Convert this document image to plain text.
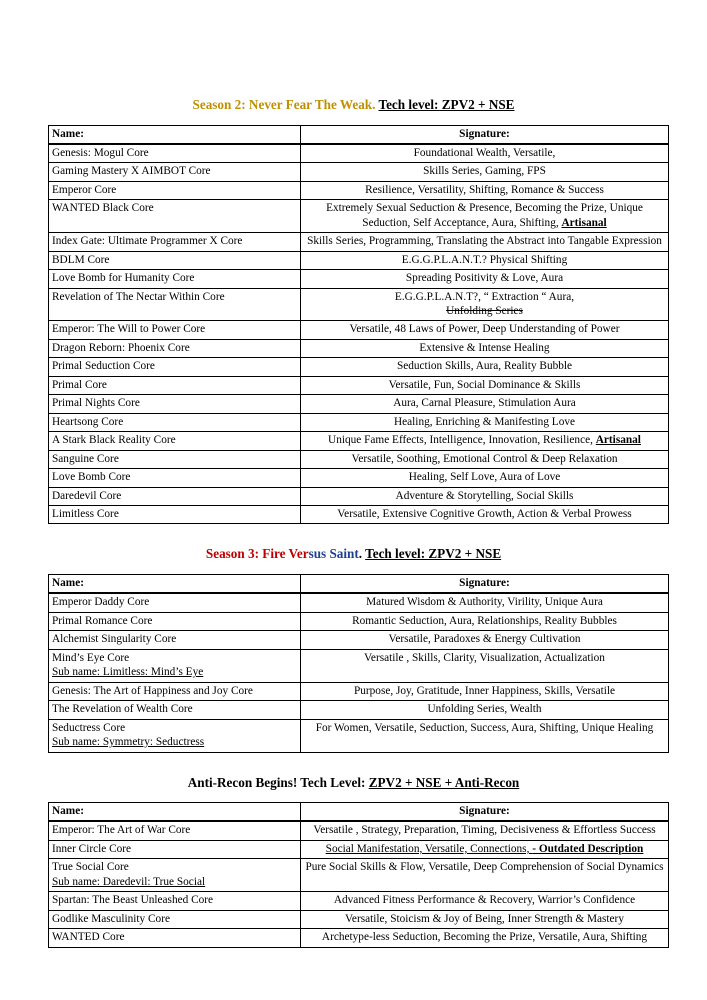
Season 2: Never Fear The Weak. Tech level: ZPV2 + NSE
Name:	Signature:
Genesis: Mogul Core	Foundational Wealth, Versatile,
Gaming Mastery X AIMBOT Core	Skills Series, Gaming, FPS
Emperor Core	Resilience, Versatility, Shifting, Romance & Success
WANTED Black Core	Extremely Sexual Seduction & Presence, Becoming the Prize, Unique Seduction, Self Acceptance, Aura, Shifting, Artisanal
Index Gate: Ultimate Programmer X Core	Skills Series, Programming, Translating the Abstract into Tangable Expression
BDLM Core	E.G.G.P.L.A.N.T.? Physical Shifting
Love Bomb for Humanity Core	Spreading Positivity & Love, Aura
Revelation of The Nectar Within Core	E.G.G.P.L.A.N.T?, “ Extraction “ Aura,
Unfolding Series

Emperor: The Will to Power Core	Versatile, 48 Laws of Power, Deep Understanding of Power
Dragon Reborn: Phoenix Core	Extensive & Intense Healing
Primal Seduction Core	Seduction Skills, Aura, Reality Bubble
Primal Core	Versatile, Fun, Social Dominance & Skills
Primal Nights Core	Aura, Carnal Pleasure, Stimulation Aura
Heartsong Core	Healing, Enriching & Manifesting Love
A Stark Black Reality Core	Unique Fame Effects, Intelligence, Innovation, Resilience, Artisanal
Sanguine Core	Versatile, Soothing, Emotional Control & Deep Relaxation
Love Bomb Core	Healing, Self Love, Aura of Love
Daredevil Core	Adventure & Storytelling, Social Skills
Limitless Core	Versatile, Extensive Cognitive Growth, Action & Verbal Prowess
Season 3: Fire Versus Saint. Tech level: ZPV2 + NSE
Name:	Signature:
Emperor Daddy Core	Matured Wisdom & Authority, Virility, Unique Aura
Primal Romance Core	Romantic Seduction, Aura, Relationships, Reality Bubbles
Alchemist Singularity Core	Versatile, Paradoxes & Energy Cultivation
Mind’s Eye Core
Sub name: Limitless: Mind’s Eye	Versatile , Skills, Clarity, Visualization, Actualization
Genesis: The Art of Happiness and Joy Core	Purpose, Joy, Gratitude, Inner Happiness, Skills, Versatile
The Revelation of Wealth Core	Unfolding Series, Wealth
Seductress Core
Sub name: Symmetry: Seductress	For Women, Versatile, Seduction, Success, Aura, Shifting, Unique Healing
Anti-Recon Begins! Tech Level: ZPV2 + NSE + Anti-Recon
Name:	Signature:
Emperor: The Art of War Core	Versatile , Strategy, Preparation, Timing, Decisiveness & Effortless Success
Inner Circle Core	Social Manifestation, Versatile, Connections, - Outdated Description
True Social Core
Sub name: Daredevil: True Social	Pure Social Skills & Flow, Versatile, Deep Comprehension of Social Dynamics
Spartan: The Beast Unleashed Core	Advanced Fitness Performance & Recovery, Warrior’s Confidence
Godlike Masculinity Core	Versatile, Stoicism & Joy of Being, Inner Strength & Mastery
WANTED Core	Archetype-less Seduction, Becoming the Prize, Versatile, Aura, Shifting
